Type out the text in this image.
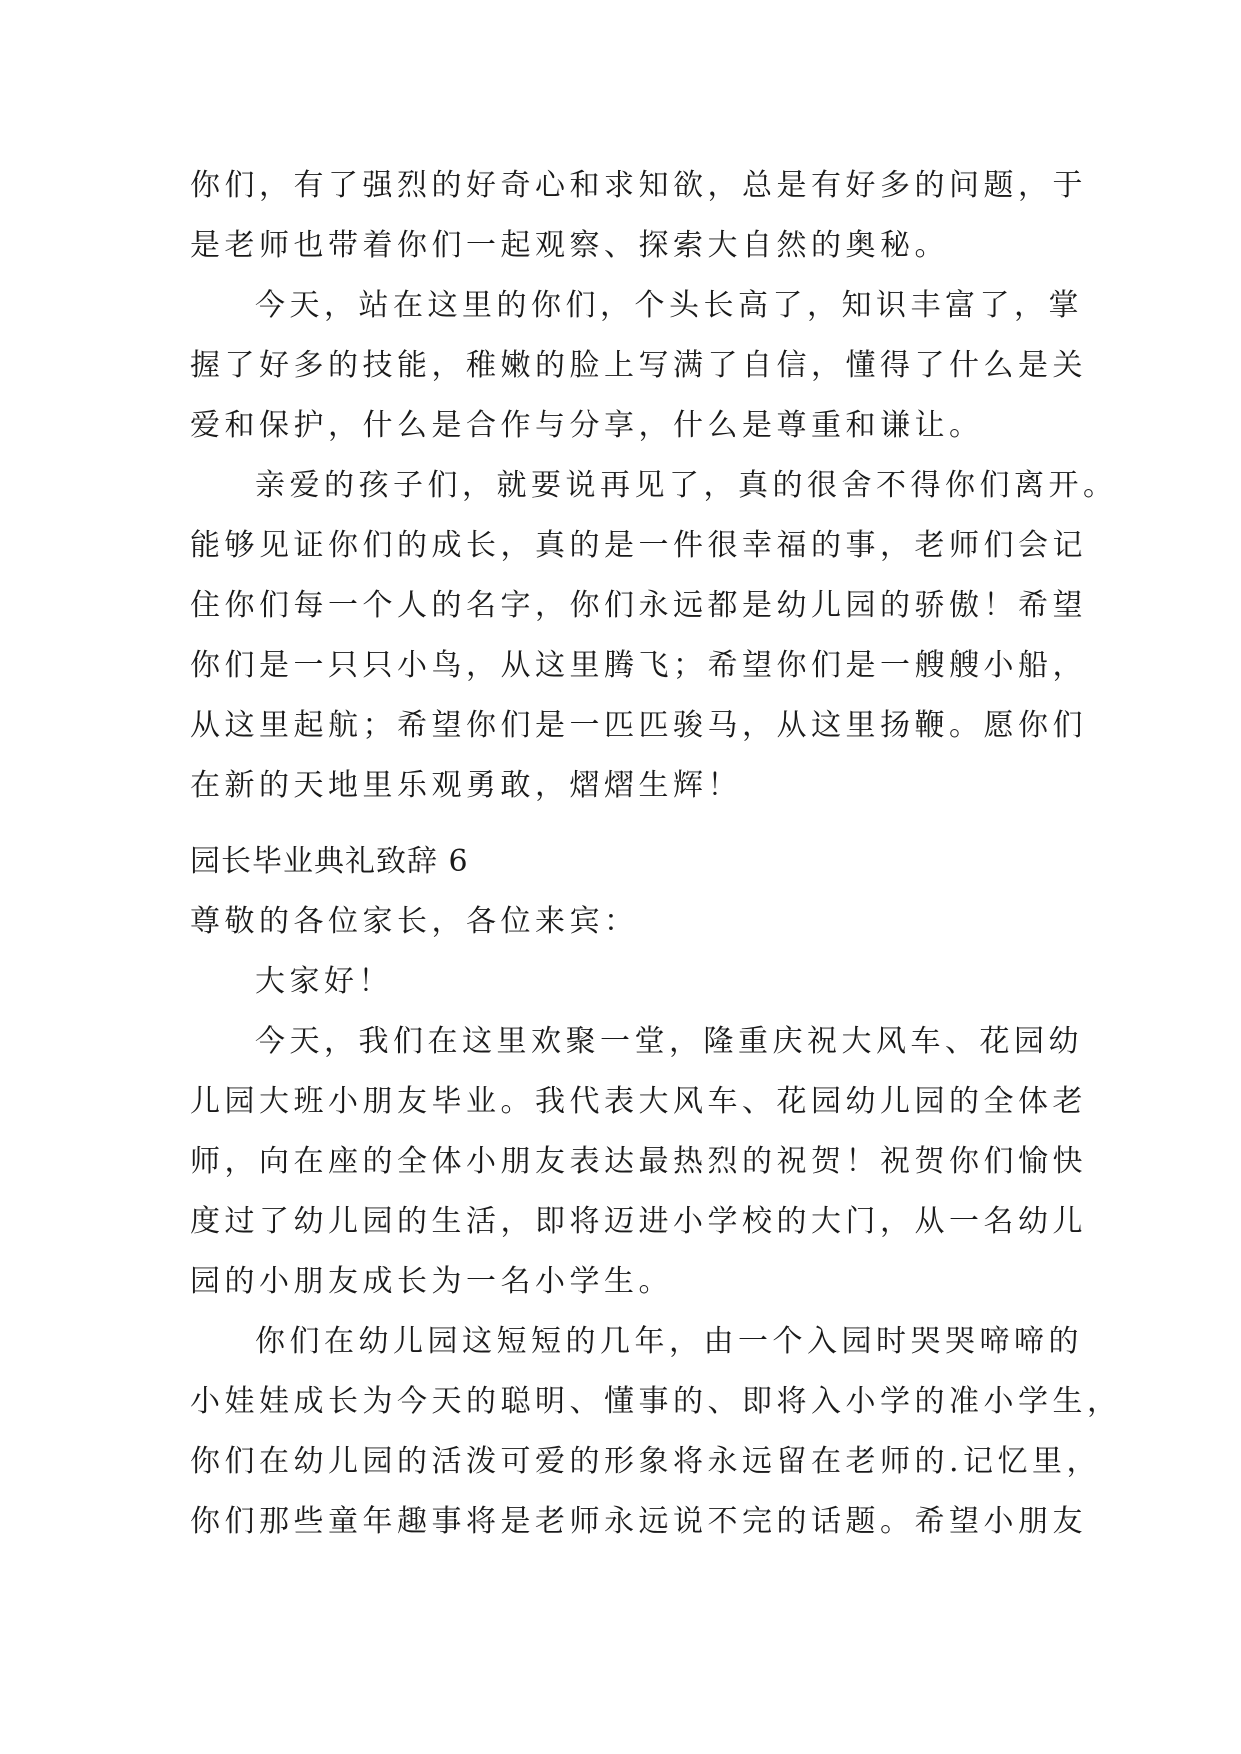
你们，有了强烈的好奇心和求知欲，总是有好多的问题，于
是老师也带着你们一起观察、探索大自然的奥秘。
今天，站在这里的你们，个头长高了，知识丰富了，掌
握了好多的技能，稚嫩的脸上写满了自信，懂得了什么是关
爱和保护，什么是合作与分享，什么是尊重和谦让。
亲爱的孩子们，就要说再见了，真的很舍不得你们离开。
能够见证你们的成长，真的是一件很幸福的事，老师们会记
住你们每一个人的名字，你们永远都是幼儿园的骄傲！希望
你们是一只只小鸟，从这里腾飞；希望你们是一艘艘小船，
从这里起航；希望你们是一匹匹骏马，从这里扬鞭。愿你们
在新的天地里乐观勇敢，熠熠生辉！
园长毕业典礼致辞 6
尊敬的各位家长，各位来宾：
大家好！
今天，我们在这里欢聚一堂，隆重庆祝大风车、花园幼
儿园大班小朋友毕业。我代表大风车、花园幼儿园的全体老
师，向在座的全体小朋友表达最热烈的祝贺！祝贺你们愉快
度过了幼儿园的生活，即将迈进小学校的大门，从一名幼儿
园的小朋友成长为一名小学生。
你们在幼儿园这短短的几年，由一个入园时哭哭啼啼的
小娃娃成长为今天的聪明、懂事的、即将入小学的准小学生，
你们在幼儿园的活泼可爱的形象将永远留在老师的.记忆里，
你们那些童年趣事将是老师永远说不完的话题。希望小朋友
